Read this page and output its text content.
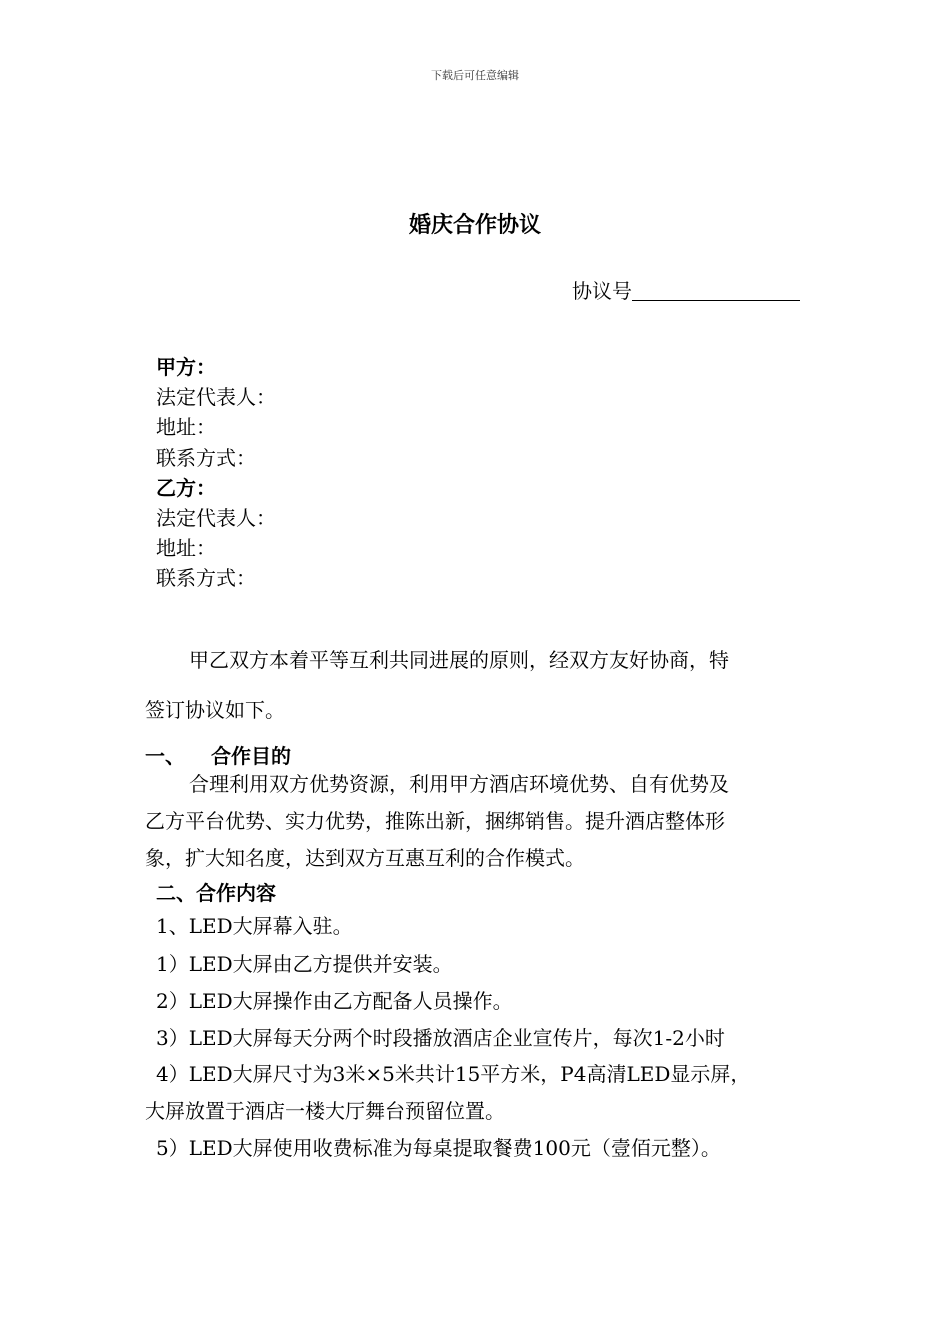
下载后可任意编辑
婚庆合作协议
协议号
甲方：
法定代表人：
地址：
联系方式：
乙方：
法定代表人：
地址：
联系方式：
甲乙双方本着平等互利共同进展的原则，经双方友好协商，特
签订协议如下。
一、 合作目的
合理利用双方优势资源，利用甲方酒店环境优势、自有优势及
乙方平台优势、实力优势，推陈出新，捆绑销售。提升酒店整体形
象，扩大知名度，达到双方互惠互利的合作模式。
二、合作内容
1、LED大屏幕入驻。
1）LED大屏由乙方提供并安装。
2）LED大屏操作由乙方配备人员操作。
3）LED大屏每天分两个时段播放酒店企业宣传片，每次1-2小时
4）LED大屏尺寸为3米×5米共计15平方米，P4高清LED显示屏，
大屏放置于酒店一楼大厅舞台预留位置。
5）LED大屏使用收费标准为每桌提取餐费100元（壹佰元整）。
